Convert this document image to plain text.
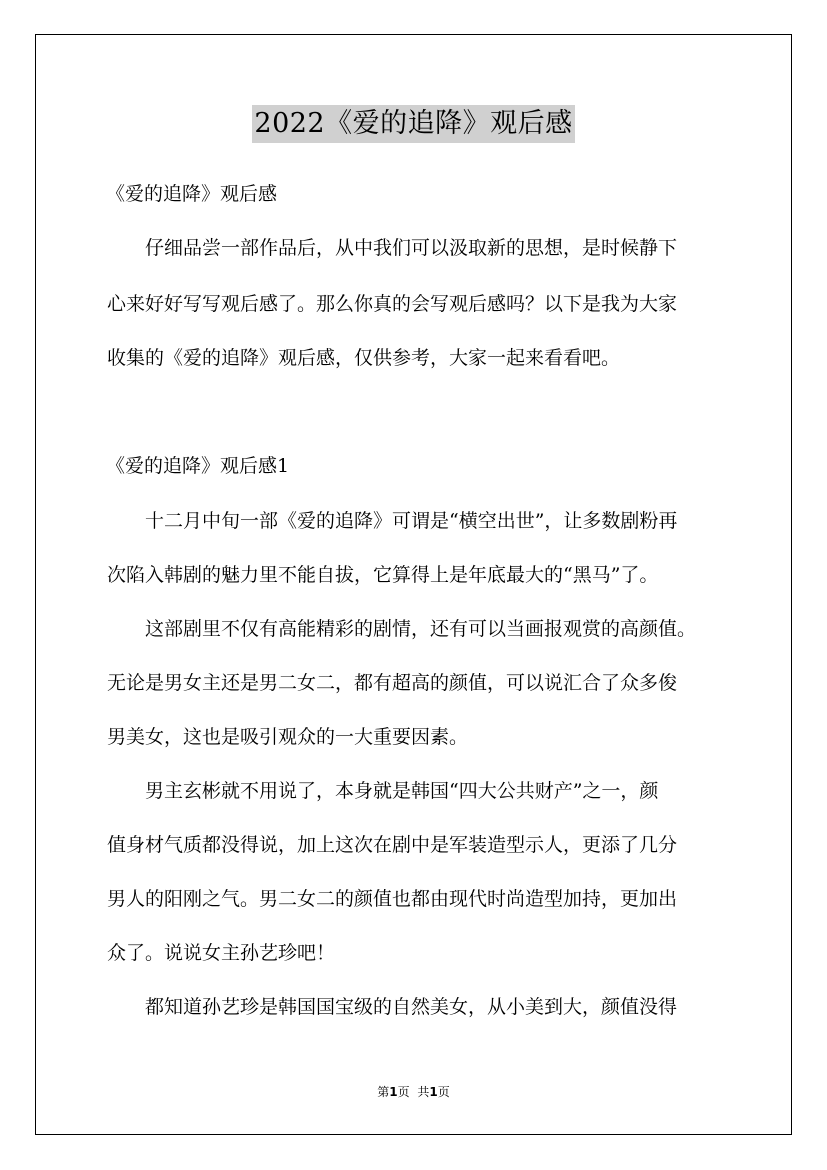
2022《爱的追降》观后感
《爱的追降》观后感
仔细品尝一部作品后，从中我们可以汲取新的思想，是时候静下
心来好好写写观后感了。那么你真的会写观后感吗？以下是我为大家
收集的《爱的追降》观后感，仅供参考，大家一起来看看吧。
《爱的追降》观后感1
十二月中旬一部《爱的追降》可谓是“横空出世”，让多数剧粉再
次陷入韩剧的魅力里不能自拔，它算得上是年底最大的“黑马”了。
这部剧里不仅有高能精彩的剧情，还有可以当画报观赏的高颜值。
无论是男女主还是男二女二，都有超高的颜值，可以说汇合了众多俊
男美女，这也是吸引观众的一大重要因素。
男主玄彬就不用说了，本身就是韩国“四大公共财产”之一，颜
值身材气质都没得说，加上这次在剧中是军装造型示人，更添了几分
男人的阳刚之气。男二女二的颜值也都由现代时尚造型加持，更加出
众了。说说女主孙艺珍吧！
都知道孙艺珍是韩国国宝级的自然美女，从小美到大，颜值没得
第1页 共1页
